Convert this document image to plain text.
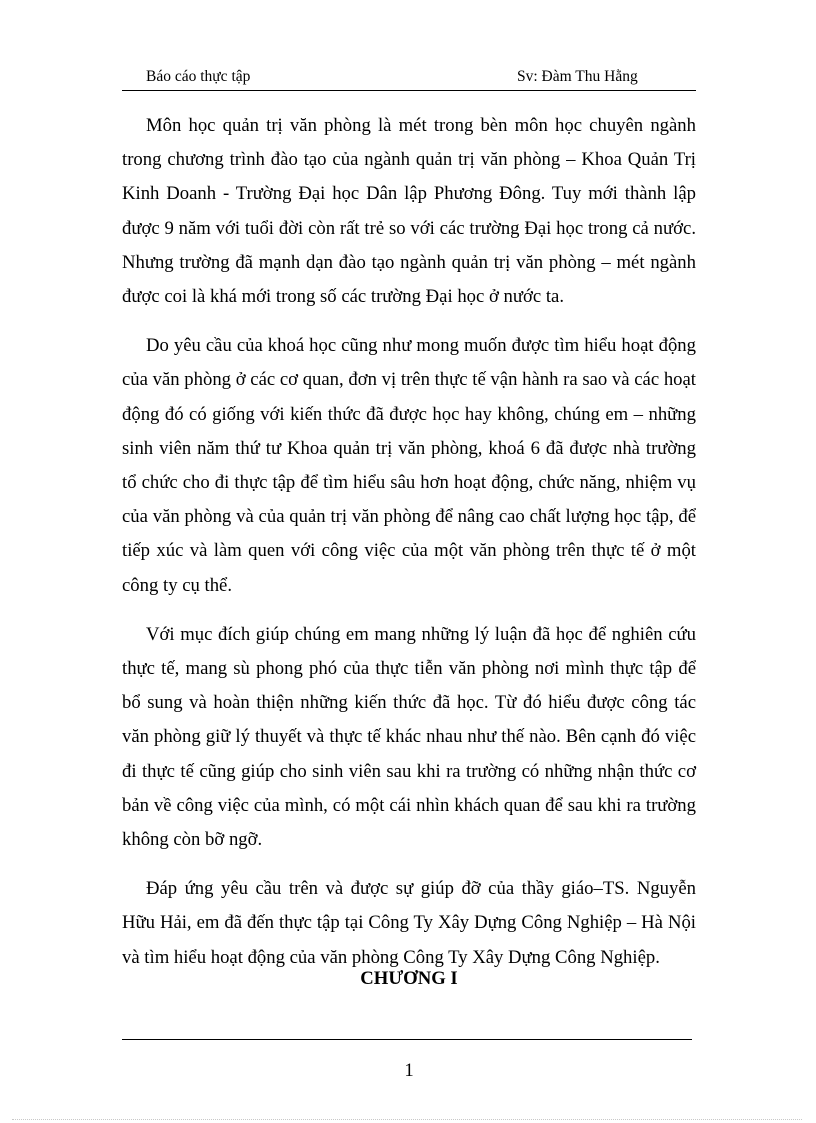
Báo cáo thực tập	Sv: Đàm Thu Hằng

Môn học quản trị văn phòng là mét trong bèn môn học chuyên ngành trong chương trình đào tạo của ngành quản trị văn phòng – Khoa Quản Trị Kinh Doanh - Trường Đại học Dân lập Phương Đông. Tuy mới thành lập được 9 năm với tuổi đời còn rất trẻ so với các trường Đại học trong cả nước. Nhưng trường đã mạnh dạn đào tạo ngành quản trị văn phòng – mét ngành được coi là khá mới trong số các trường Đại học ở nước ta.

Do yêu cầu của khoá học cũng như mong muốn được tìm hiểu hoạt động của văn phòng ở các cơ quan, đơn vị trên thực tế vận hành ra sao và các hoạt động đó có giống với kiến thức đã được học hay không, chúng em – những sinh viên năm thứ tư Khoa quản trị văn phòng, khoá 6 đã được nhà trường tổ chức cho đi thực tập để tìm hiểu sâu hơn hoạt động, chức năng, nhiệm vụ của văn phòng và của quản trị văn phòng để nâng cao chất lượng học tập, để tiếp xúc và làm quen với công việc của một văn phòng trên thực tế ở một công ty cụ thể.

Với mục đích giúp chúng em mang những lý luận đã học để nghiên cứu thực tế, mang sù phong phó của thực tiễn văn phòng nơi mình thực tập để bổ sung và hoàn thiện những kiến thức đã học. Từ đó hiểu được công tác văn phòng giữ lý thuyết và thực tế khác nhau như thế nào. Bên cạnh đó việc đi thực tế cũng giúp cho sinh viên sau khi ra trường có những nhận thức cơ bản về công việc của mình, có một cái nhìn khách quan để sau khi ra trường không còn bỡ ngỡ.

Đáp ứng yêu cầu trên và được sự giúp đỡ của thầy giáo–TS. Nguyễn Hữu Hải, em đã đến thực tập tại Công Ty Xây Dựng Công Nghiệp – Hà Nội và tìm hiểu hoạt động của văn phòng Công Ty Xây Dựng Công Nghiệp.

CHƯƠNG I
1
